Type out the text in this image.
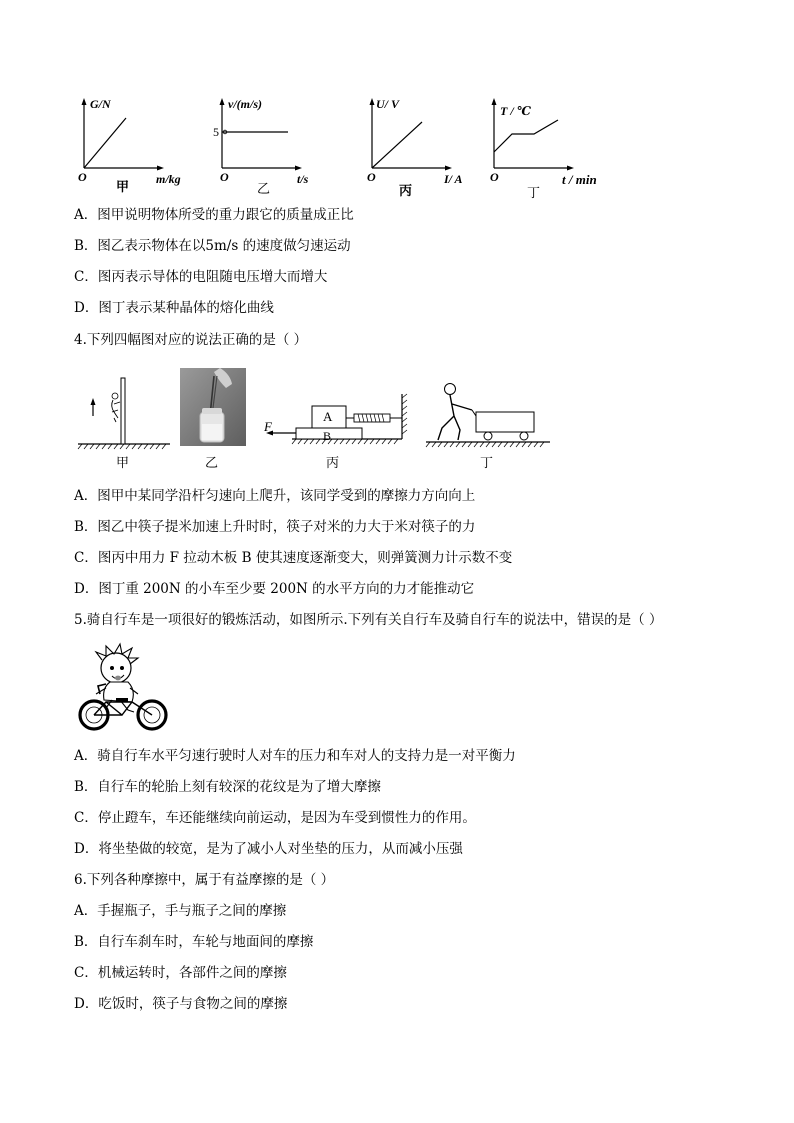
G/N
m/kg
O
甲
v/(m/s)
5
t/s
O
乙
U/ V
I/ A
O
丙
T / ℃
t / min
O
丁
A．图甲说明物体所受的重力跟它的质量成正比
B．图乙表示物体在以5m/s 的速度做匀速运动
C．图丙表示导体的电阻随电压增大而增大
D．图丁表示某种晶体的熔化曲线
4.下列四幅图对应的说法正确的是（ ）
甲	乙
A
B
F
丙	丁
A．图甲中某同学沿杆匀速向上爬升，该同学受到的摩擦力方向向上
B．图乙中筷子提米加速上升时时，筷子对米的力大于米对筷子的力
C．图丙中用力 F 拉动木板 B 使其速度逐渐变大，则弹簧测力计示数不变
D．图丁重 200N 的小车至少要 200N 的水平方向的力才能推动它
5.骑自行车是一项很好的锻炼活动，如图所示.下列有关自行车及骑自行车的说法中，错误的是（ ）
A．骑自行车水平匀速行驶时人对车的压力和车对人的支持力是一对平衡力
B．自行车的轮胎上刻有较深的花纹是为了增大摩擦
C．停止蹬车，车还能继续向前运动，是因为车受到惯性力的作用。
D．将坐垫做的较宽，是为了减小人对坐垫的压力，从而减小压强
6.下列各种摩擦中，属于有益摩擦的是（ ）
A．手握瓶子，手与瓶子之间的摩擦
B．自行车刹车时，车轮与地面间的摩擦
C．机械运转时，各部件之间的摩擦
D．吃饭时，筷子与食物之间的摩擦
